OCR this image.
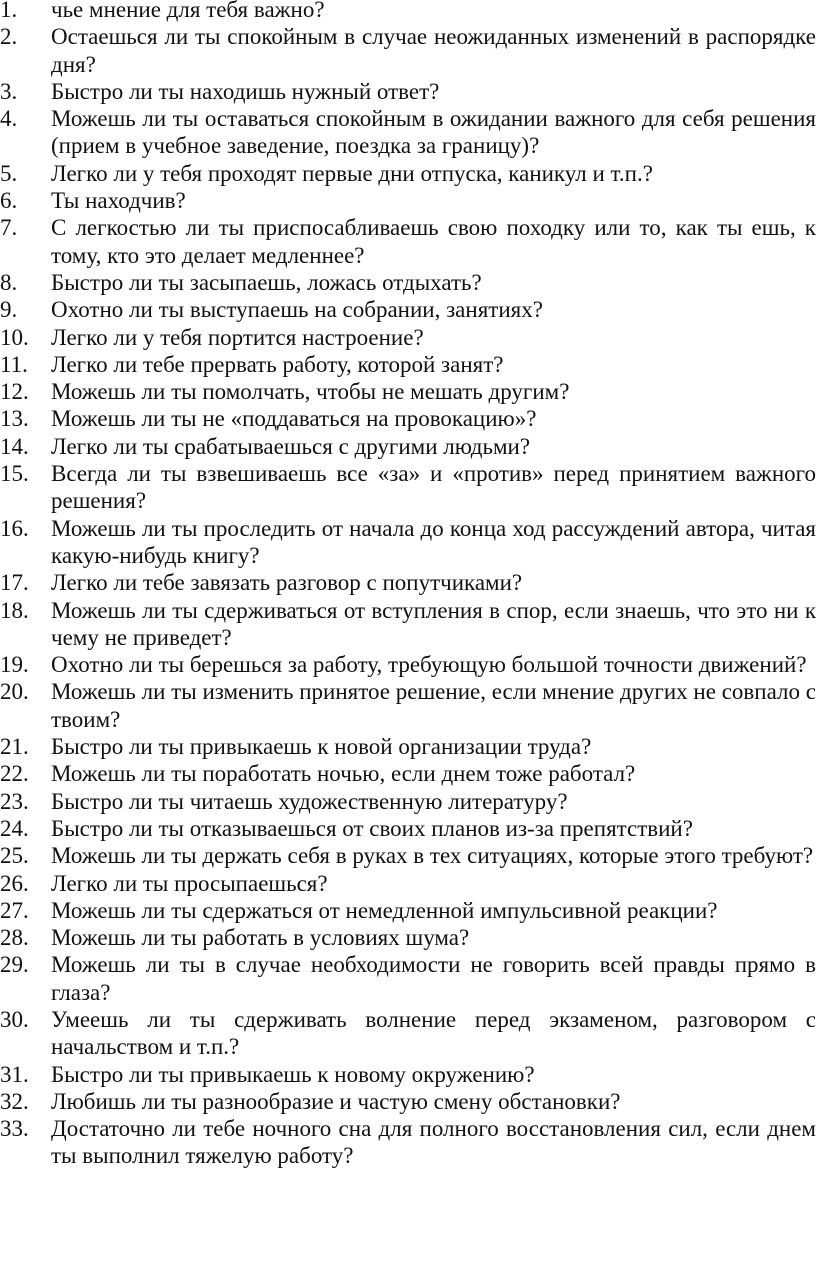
1.	чье мнение для тебя важно?
2.	Остаешься ли ты спокойным в случае неожиданных изменений в распорядке дня?
3.	Быстро ли ты находишь нужный ответ?
4.	Можешь ли ты оставаться спокойным в ожидании важного для себя решения (прием в учебное заведение, поездка за границу)?
5.	Легко ли у тебя проходят первые дни отпуска, каникул и т.п.?
6.	Ты находчив?
7.	С легкостью ли ты приспосабливаешь свою походку или то, как ты ешь, к тому, кто это делает медленнее?
8.	Быстро ли ты засыпаешь, ложась отдыхать?
9.	Охотно ли ты выступаешь на собрании, занятиях?
10. Легко ли у тебя портится настроение?
11.	Легко ли тебе прервать работу, которой занят?
12. Можешь ли ты помолчать, чтобы не мешать другим?
13. Можешь ли ты не «поддаваться на провокацию»?
14. Легко ли ты срабатываешься с другими людьми?
15. Всегда ли ты взвешиваешь все «за» и «против» перед принятием важного решения?
16. Можешь ли ты проследить от начала до конца ход рассуждений автора, читая какую-нибудь книгу?
17. Легко ли тебе завязать разговор с попутчиками?
18. Можешь ли ты сдерживаться от вступления в спор, если знаешь, что это ни к чему не приведет?
19. Охотно ли ты берешься за работу, требующую большой точности движений?
20. Можешь ли ты изменить принятое решение, если мнение других не совпало с твоим?
21. Быстро ли ты привыкаешь к новой организации труда?
22. Можешь ли ты поработать ночью, если днем тоже работал?
23. Быстро ли ты читаешь художественную литературу?
24. Быстро ли ты отказываешься от своих планов из-за препятствий?
25. Можешь ли ты держать себя в руках в тех ситуациях, которые этого требуют?
26. Легко ли ты просыпаешься?
27. Можешь ли ты сдержаться от немедленной импульсивной реакции?
28. Можешь ли ты работать в условиях шума?
29. Можешь ли ты в случае необходимости не говорить всей правды прямо в глаза?
30. Умеешь ли ты сдерживать волнение перед экзаменом, разговором с начальством и т.п.?
31. Быстро ли ты привыкаешь к новому окружению?
32. Любишь ли ты разнообразие и частую смену обстановки?
33. Достаточно ли тебе ночного сна для полного восстановления сил, если днем ты выполнил тяжелую работу?
